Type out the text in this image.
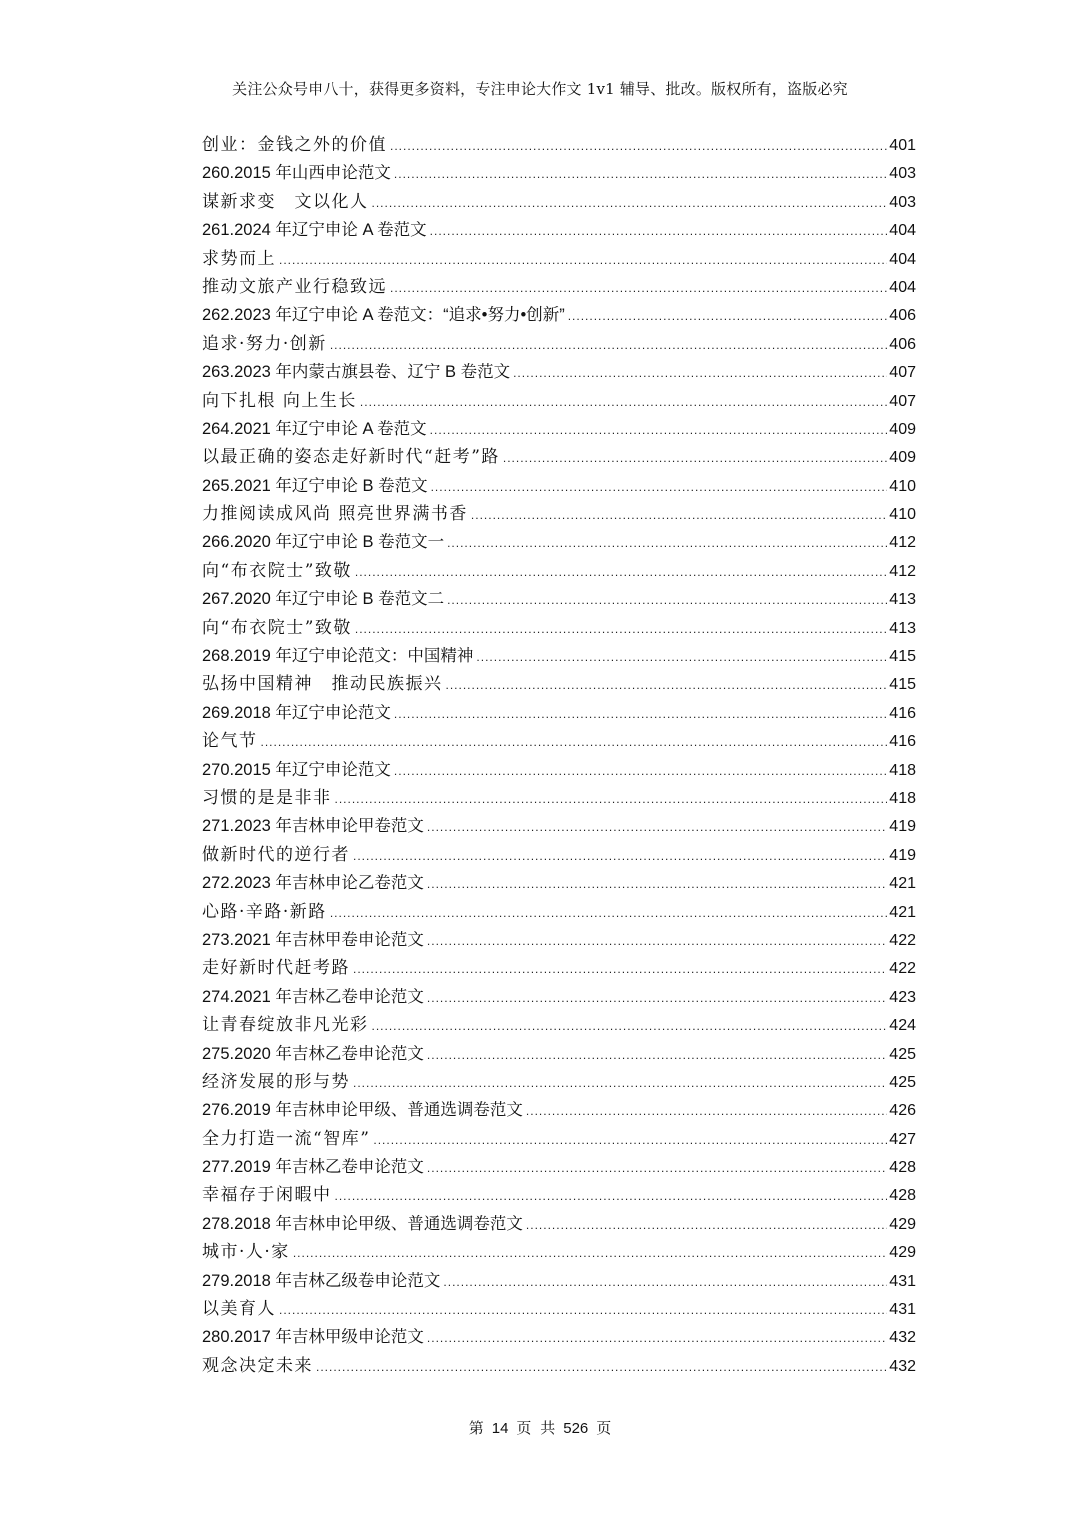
关注公众号申八十，获得更多资料，专注申论大作文 1v1 辅导、批改。版权所有，盗版必究
创业：金钱之外的价值 .....	401
260.2015 年山西申论范文 .....	403
谋新求变　文以化人 .....	403
261.2024 年辽宁申论 A 卷范文 .....	404
求势而上 .....	404
推动文旅产业行稳致远 .....	404
262.2023 年辽宁申论 A 卷范文：“追求•努力•创新” .....	406
追求·努力·创新 .....	406
263.2023 年内蒙古旗县卷、辽宁 B 卷范文 .....	407
向下扎根 向上生长 .....	407
264.2021 年辽宁申论 A 卷范文 .....	409
以最正确的姿态走好新时代“赶考”路 .....	409
265.2021 年辽宁申论 B 卷范文 .....	410
力推阅读成风尚 照亮世界满书香 .....	410
266.2020 年辽宁申论 B 卷范文一 .....	412
向“布衣院士”致敬 .....	412
267.2020 年辽宁申论 B 卷范文二 .....	413
向“布衣院士”致敬 .....	413
268.2019 年辽宁申论范文：中国精神 .....	415
弘扬中国精神　推动民族振兴 .....	415
269.2018 年辽宁申论范文 .....	416
论气节 .....	416
270.2015 年辽宁申论范文 .....	418
习惯的是是非非 .....	418
271.2023 年吉林申论甲卷范文 .....	419
做新时代的逆行者 .....	419
272.2023 年吉林申论乙卷范文 .....	421
心路·辛路·新路 .....	421
273.2021 年吉林甲卷申论范文 .....	422
走好新时代赶考路 .....	422
274.2021 年吉林乙卷申论范文 .....	423
让青春绽放非凡光彩 .....	424
275.2020 年吉林乙卷申论范文 .....	425
经济发展的形与势 .....	425
276.2019 年吉林申论甲级、普通选调卷范文 .....	426
全力打造一流“智库” .....	427
277.2019 年吉林乙卷申论范文 .....	428
幸福存于闲暇中 .....	428
278.2018 年吉林申论甲级、普通选调卷范文 .....	429
城市·人·家 .....	429
279.2018 年吉林乙级卷申论范文 .....	431
以美育人 .....	431
280.2017 年吉林甲级申论范文 .....	432
观念决定未来 .....	432
第 14 页 共 526 页
